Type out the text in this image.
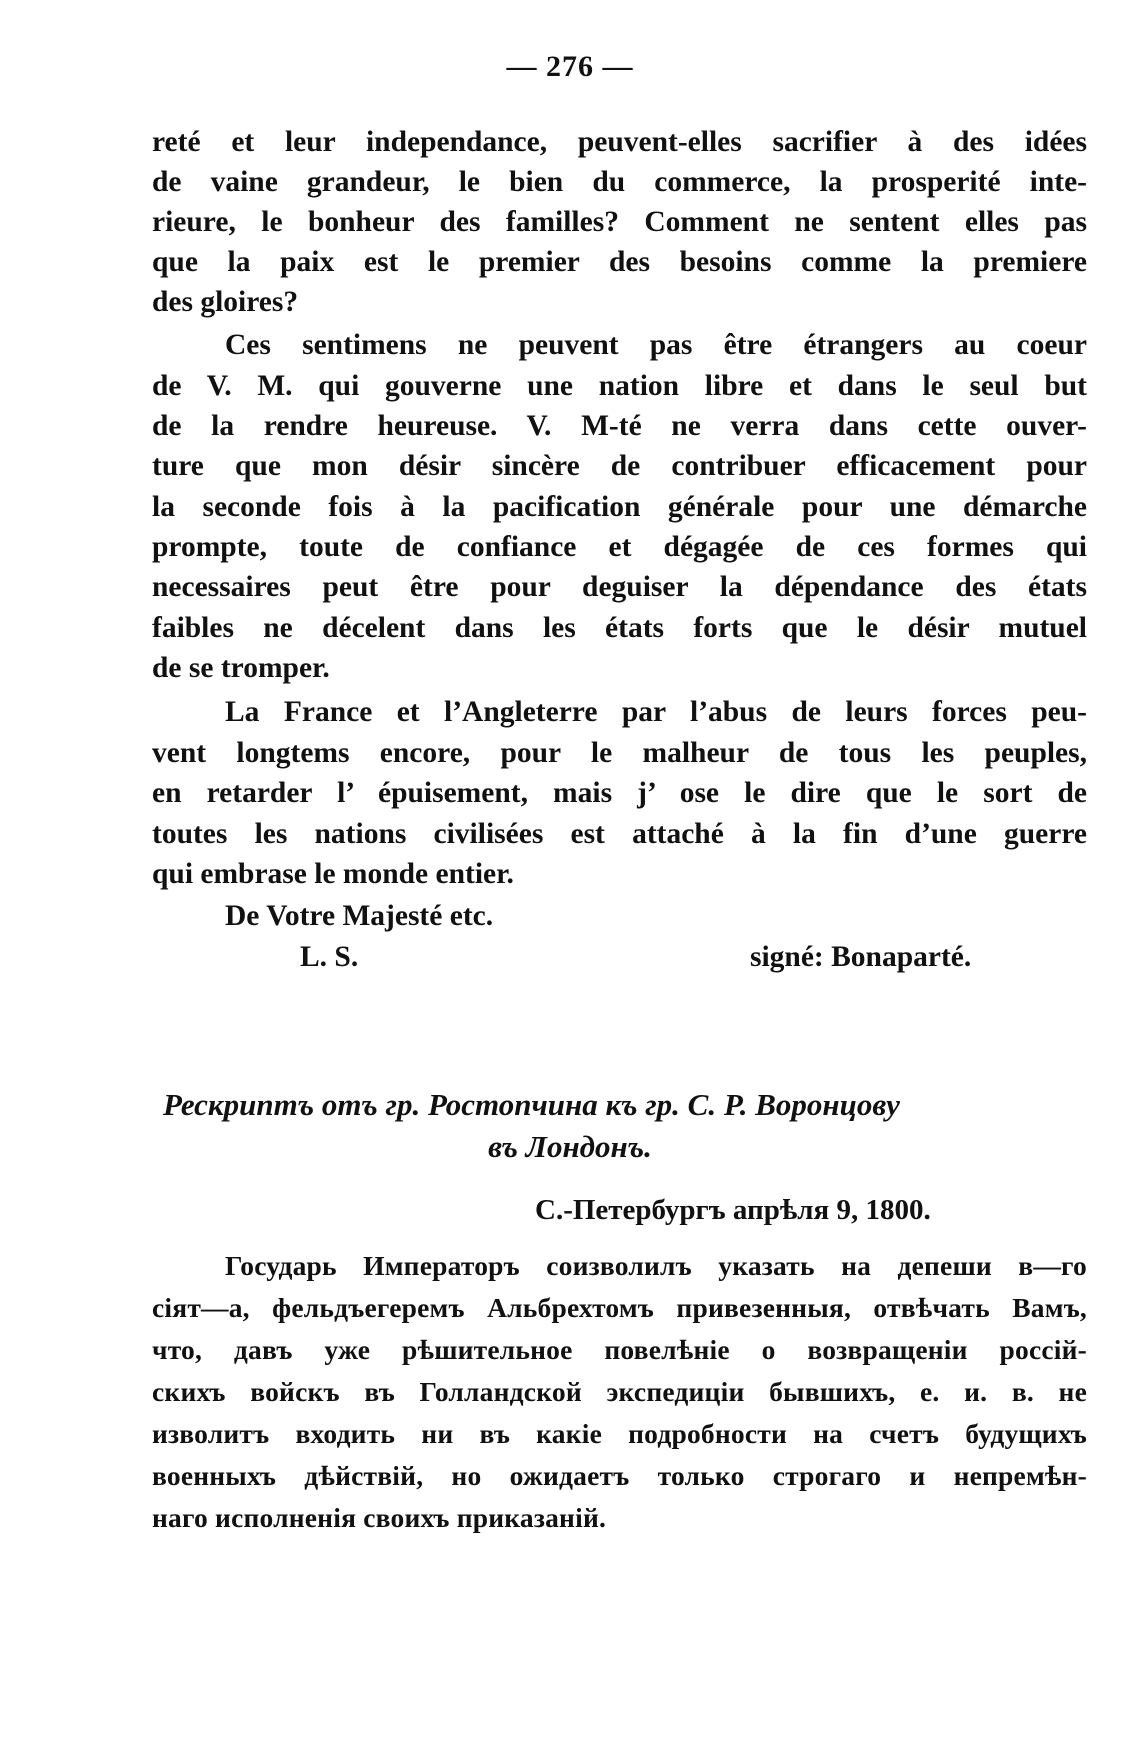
— 276 —
reté et leur independance, peuvent-elles sacrifier à des idées
de vaine grandeur, le bien du commerce, la prosperité inte-
rieure, le bonheur des familles? Comment ne sentent elles pas
que la paix est le premier des besoins comme la premiere
des gloires?
Ces sentimens ne peuvent pas être étrangers au coeur
de V. M. qui gouverne une nation libre et dans le seul but
de la rendre heureuse. V. M-té ne verra dans cette ouver-
ture que mon désir sincère de contribuer efficacement pour
la seconde fois à la pacification générale pour une démarche
prompte, toute de confiance et dégagée de ces formes qui
necessaires peut être pour deguiser la dépendance des états
faibles ne décelent dans les états forts que le désir mutuel
de se tromper.
La France et l’Angleterre par l’abus de leurs forces peu-
vent longtems encore, pour le malheur de tous les peuples,
en retarder l’ épuisement, mais j’ ose le dire que le sort de
toutes les nations civilisées est attaché à la fin d’une guerre
qui embrase le monde entier.
De Votre Majesté etc.
L. S.	signé: Bonaparté.
Рескриптъ отъ гр. Ростопчина къ гр. С. Р. Воронцову
въ Лондонъ.
С.-Петербургъ апрѣля 9, 1800.
Государь Императоръ соизволилъ указать на депеши в—го
сiят—а, фельдъегеремъ Альбрехтомъ привезенныя, отвѣчать Вамъ,
что, давъ уже рѣшительное повелѣнiе о возвращенiи россiй-
скихъ войскъ въ Голландской экспедицiи бывшихъ, е. и. в. не
изволитъ входить ни въ какiе подробности на счетъ будущихъ
военныхъ дѣйствiй, но ожидаетъ только строгаго и непремѣн-
наго исполненiя своихъ приказанiй.
